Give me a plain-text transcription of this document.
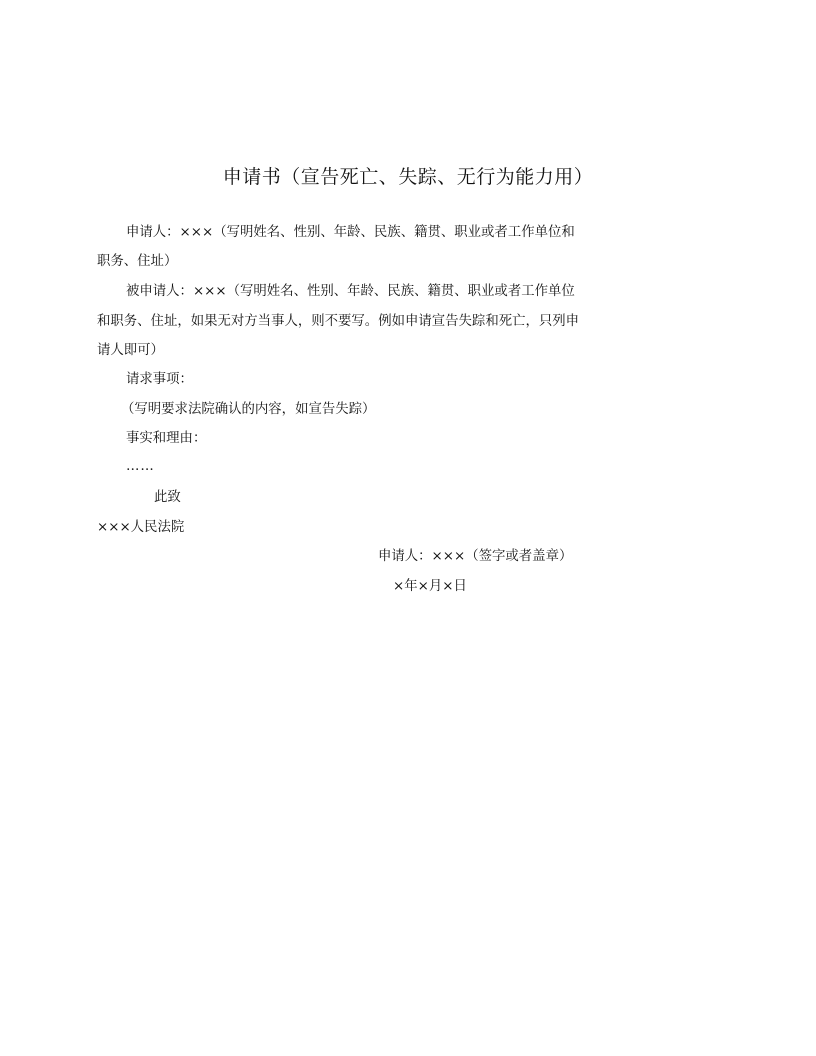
申请书（宣告死亡、失踪、无行为能力用）
申请人：×××（写明姓名、性别、年龄、民族、籍贯、职业或者工作单位和
职务、住址）
被申请人：×××（写明姓名、性别、年龄、民族、籍贯、职业或者工作单位
和职务、住址，如果无对方当事人，则不要写。例如申请宣告失踪和死亡，只列申
请人即可）
请求事项：
（写明要求法院确认的内容，如宣告失踪）
事实和理由：
……
此致
×××人民法院
申请人：×××（签字或者盖章）
×年×月×日
